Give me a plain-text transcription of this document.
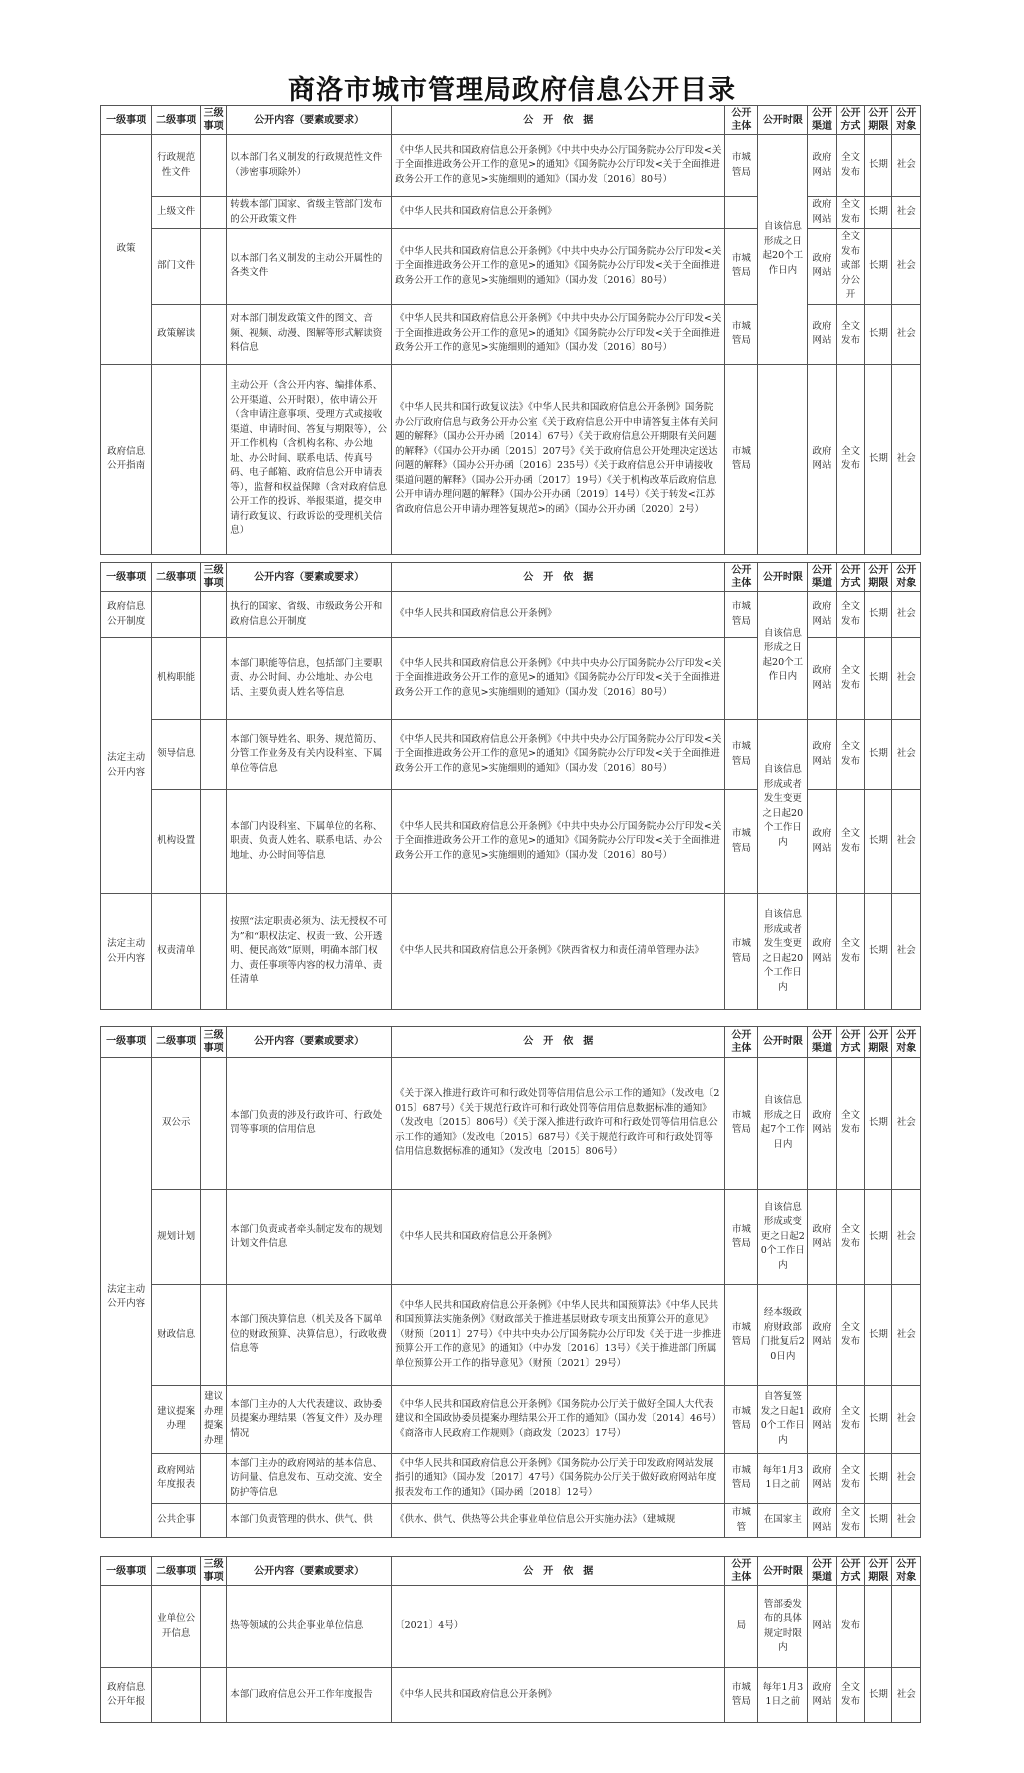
商洛市城市管理局政府信息公开目录
一级事项	二级事项	三级事项	公开内容（要素或要求）	公　开　依　据	公开主体	公开时限	公开渠道	公开方式	公开期限	公开对象
政策	行政规范性文件		以本部门名义制发的行政规范性文件（涉密事项除外）	《中华人民共和国政府信息公开条例》《中共中央办公厅国务院办公厅印发<关于全面推进政务公开工作的意见>的通知》《国务院办公厅印发<关于全面推进政务公开工作的意见>实施细则的通知》（国办发〔2016〕80号）	市城管局	自该信息形成之日起20个工作日内	政府网站	全文发布	长期	社会
	上级文件		转载本部门国家、省级主管部门发布的公开政策文件	《中华人民共和国政府信息公开条例》			政府网站	全文发布	长期	社会
	部门文件		以本部门名义制发的主动公开属性的各类文件	《中华人民共和国政府信息公开条例》《中共中央办公厅国务院办公厅印发<关于全面推进政务公开工作的意见>的通知》《国务院办公厅印发<关于全面推进政务公开工作的意见>实施细则的通知》（国办发〔2016〕80号）	市城管局		政府网站	全文发布或部分公开	长期	社会
	政策解读		对本部门制发政策文件的图文、音频、视频、动漫、图解等形式解读资料信息	《中华人民共和国政府信息公开条例》《中共中央办公厅国务院办公厅印发<关于全面推进政务公开工作的意见>的通知》《国务院办公厅印发<关于全面推进政务公开工作的意见>实施细则的通知》（国办发〔2016〕80号）	市城管局		政府网站	全文发布	长期	社会
政府信息公开指南			主动公开（含公开内容、编排体系、公开渠道、公开时限），依申请公开（含申请注意事项、受理方式或接收渠道、申请时间、答复与期限等），公开工作机构（含机构名称、办公地址、办公时间、联系电话、传真号码、电子邮箱、政府信息公开申请表等），监督和权益保障（含对政府信息公开工作的投诉、举报渠道，提交申请行政复议、行政诉讼的受理机关信息）	《中华人民共和国行政复议法》《中华人民共和国政府信息公开条例》国务院办公厅政府信息与政务公开办公室《关于政府信息公开中申请答复主体有关问题的解释》（国办公开办函〔2014〕67号）《关于政府信息公开期限有关问题的解释》（《国办公开办函〔2015〕207号》《关于政府信息公开处理决定送达问题的解释》（国办公开办函〔2016〕235号）《关于政府信息公开申请接收渠道问题的解释》（国办公开办函〔2017〕19号）《关于机构改革后政府信息公开申请办理问题的解释》（国办公开办函〔2019〕14号）《关于转发<江苏省政府信息公开申请办理答复规范>的函》（国办公开办函〔2020〕2号）	市城管局		政府网站	全文发布	长期	社会
一级事项	二级事项	三级事项	公开内容（要素或要求）	公　开　依　据	公开主体	公开时限	公开渠道	公开方式	公开期限	公开对象
政府信息公开制度			执行的国家、省级、市级政务公开和政府信息公开制度	《中华人民共和国政府信息公开条例》	市城管局	自该信息形成之日起20个工作日内	政府网站	全文发布	长期	社会
法定主动公开内容	机构职能		本部门职能等信息，包括部门主要职责、办公时间、办公地址、办公电话、主要负责人姓名等信息	《中华人民共和国政府信息公开条例》《中共中央办公厅国务院办公厅印发<关于全面推进政务公开工作的意见>的通知》《国务院办公厅印发<关于全面推进政务公开工作的意见>实施细则的通知》（国办发〔2016〕80号）			政府网站	全文发布	长期	社会
	领导信息		本部门领导姓名、职务、规范简历、分管工作业务及有关内设科室、下属单位等信息	《中华人民共和国政府信息公开条例》《中共中央办公厅国务院办公厅印发<关于全面推进政务公开工作的意见>的通知》《国务院办公厅印发<关于全面推进政务公开工作的意见>实施细则的通知》（国办发〔2016〕80号）	市城管局	自该信息形成或者发生变更之日起20个工作日内	政府网站	全文发布	长期	社会
	机构设置		本部门内设科室、下属单位的名称、职责、负责人姓名、联系电话、办公地址、办公时间等信息	《中华人民共和国政府信息公开条例》《中共中央办公厅国务院办公厅印发<关于全面推进政务公开工作的意见>的通知》《国务院办公厅印发<关于全面推进政务公开工作的意见>实施细则的通知》（国办发〔2016〕80号）	市城管局		政府网站	全文发布	长期	社会
法定主动公开内容	权责清单		按照“法定职责必须为、法无授权不可为”和“职权法定、权责一致、公开透明、便民高效”原则，明确本部门权力、责任事项等内容的权力清单、责任清单	《中华人民共和国政府信息公开条例》《陕西省权力和责任清单管理办法》	市城管局	自该信息形成或者发生变更之日起20个工作日内	政府网站	全文发布	长期	社会
一级事项	二级事项	三级事项	公开内容（要素或要求）	公　开　依　据	公开主体	公开时限	公开渠道	公开方式	公开期限	公开对象
法定主动公开内容	双公示		本部门负责的涉及行政许可、行政处罚等事项的信用信息	《关于深入推进行政许可和行政处罚等信用信息公示工作的通知》（发改电〔2015〕687号）《关于规范行政许可和行政处罚等信用信息数据标准的通知》（发改电〔2015〕806号）《关于深入推进行政许可和行政处罚等信用信息公示工作的通知》（发改电〔2015〕687号）《关于规范行政许可和行政处罚等信用信息数据标准的通知》（发改电〔2015〕806号）	市城管局	自该信息形成之日起7个工作日内	政府网站	全文发布	长期	社会
	规划计划		本部门负责或者牵头制定发布的规划计划文件信息	《中华人民共和国政府信息公开条例》	市城管局	自该信息形成或变更之日起20个工作日内	政府网站	全文发布	长期	社会
	财政信息		本部门预决算信息（机关及各下属单位的财政预算、决算信息），行政收费信息等	《中华人民共和国政府信息公开条例》《中华人民共和国预算法》《中华人民共和国预算法实施条例》《财政部关于推进基层财政专项支出预算公开的意见》（财预〔2011〕27号）《中共中央办公厅国务院办公厅印发《关于进一步推进预算公开工作的意见》的通知》（中办发〔2016〕13号）《关于推进部门所属单位预算公开工作的指导意见》（财预〔2021〕29号）	市城管局	经本级政府财政部门批复后20日内	政府网站	全文发布	长期	社会
	建议提案办理	建议办理提案办理	本部门主办的人大代表建议、政协委员提案办理结果（答复文件）及办理情况	《中华人民共和国政府信息公开条例》《国务院办公厅关于做好全国人大代表建议和全国政协委员提案办理结果公开工作的通知》（国办发〔2014〕46号）《商洛市人民政府工作规则》（商政发〔2023〕17号）	市城管局	自答复签发之日起10个工作日内	政府网站	全文发布	长期	社会
	政府网站年度报表		本部门主办的政府网站的基本信息、访问量、信息发布、互动交流、安全防护等信息	《中华人民共和国政府信息公开条例》《国务院办公厅关于印发政府网站发展指引的通知》（国办发〔2017〕47号）《国务院办公厅关于做好政府网站年度报表发布工作的通知》（国办函〔2018〕12号）	市城管局	每年1月31日之前	政府网站	全文发布	长期	社会
	公共企事		本部门负责管理的供水、供气、供	《供水、供气、供热等公共企事业单位信息公开实施办法》（建城规	市城管	在国家主	政府网站	全文发布	长期	社会
一级事项	二级事项	三级事项	公开内容（要素或要求）	公　开　依　据	公开主体	公开时限	公开渠道	公开方式	公开期限	公开对象
	业单位公开信息		热等领域的公共企事业单位信息	〔2021〕4号）	局	管部委发布的具体规定时限内	网站	发布		
政府信息公开年报			本部门政府信息公开工作年度报告	《中华人民共和国政府信息公开条例》	市城管局	每年1月31日之前	政府网站	全文发布	长期	社会
